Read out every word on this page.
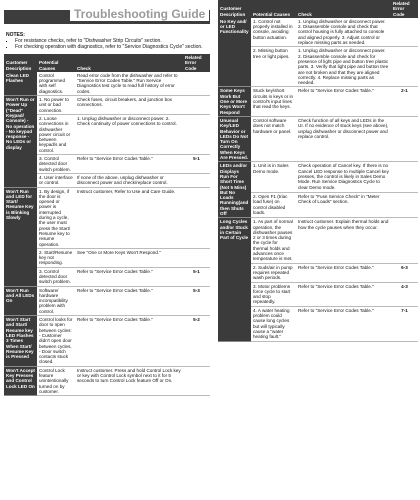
Troubleshooting Guide
NOTES:
▪ For resistance checks, refer to "Dishwasher Strip Circuits" section.
▪ For checking operation with diagnostics, refer to "Service Diagnostics Cycle" section.
Customer Description	Potential Causes	Check	Related Error Code
Clean LED Flashes	Control programmed with self diagnostics.	Read error code from the dishwasher and refer to "Service Error Codes Table." Run Service Diagnostics test cycle to read full history of error codes.	
Won't Run or Power Up ("Dead" Keypad/ Console) - No operation - No keypad response - No LEDs or display	1. No power to unit or bad connection.	Check fuses, circuit breakers, and junction box connections.	
	2. Loose connections in dishwasher power circuit or between keypad/s and control.	1. Unplug dishwasher or disconnect power. 2. Check continuity of power connections to control.	
	3. Control detected door switch problem.	Refer to "Service Error Codes Table."	5-1
	4. User interface or control.	If none of the above, unplug dishwasher or disconnect power and check/replace control.	
Won't Run and LED for Start/ Resume Key is Blinking Slowly	1. By design, if the door is opened or power is interrupted during a cycle, the user must press the Start/ Resume key to resume operation.	Instruct customer, Refer to Use and Care Guide.	
	2. Start/Resume key not responding.	See "One or More Keys Won't Respond."	
	3. Control detected door switch problem.	Refer to "Service Error Codes Table."	5-1
Won't Run and All LEDs On	Software/ hardware incompatibility problem with control.	Refer to "Service Error Codes Table."	5-3
Won't Start and Start/ Resume key LED Flashes 3 Times When Start/ Resume Key is Pressed	Control looks for door to open between cycles: - Customer didn't open door between cycles. - Door switch contacts stuck closed.	Refer to "Service Error Codes Table."	5-2
Won't Accept Key Presses and Control Lock LED On	Control Lock feature unintentionally turned on by customer.	Instruct customer. Press and hold Control Lock key or key with Control Lock symbol next to it for 5 seconds to turn Control Lock feature Off or On.	
Customer Description	Potential Causes	Check	Related Error Code
No Key and/ or LED Functionality	1. Control not properly installed in console, avoiding button actuation.	1. Unplug dishwasher or disconnect power. 2. Disassemble console and check that control housing is fully attached to console and aligned properly. 3. Adjust control or replace missing parts as needed.	
	2. Missing button tree or light pipes.	1. Unplug dishwasher or disconnect power. 2. Disassemble console and check for presence of light pipe and button tree plastic parts. 3. Verify that light pipe and button tree are not broken and that they are aligned correctly. 4. Replace missing parts as needed.	
Some Keys Work But One or More Keys Won't Respond	Stuck key/short circuits in keys or in control's input lines that read the keys.	Refer to "Service Error Codes Table."	2-1
Unusual Key/LED Behavior or LEDs Do Not Turn On Correctly When Keys Are Pressed.	Control software does not match hardware or panel.	Check function of all keys and LEDs in the UI. If no evidence of stuck keys (see above), unplug dishwasher or disconnect power and replace control.	
LEDs and/or Displays Run For Short Time (Not 5 Mins) But No Loads Running(and then Shuts Off	1. Unit is in Sales Demo mode.	Check operation of Cancel key. If there is no Cancel LED response to multiple Cancel key presses, the control is likely in Sales Demo Mode. Run Service Diagnostics Cycle to clear Demo mode.	
	2. Open F1 (triac load fuse) on control disabled loads.	Refer to "Fuse Service Check" in "Meter Check of Loads" section.	
Long Cycles and/or Stuck in Certain Part of Cycle	1. As part of normal operation, the dishwasher pauses 2 or 3 times during the cycle for thermal holds and advances once temperature is met.	Instruct customer. Explain thermal holds and how the cycle pauses when they occur.	
	2. Suds/air in pump requires repeated wash periods.	Refer to "Service Error Codes Table."	6-3
	3. Motor problems force cycle to start and stop repeatedly.	Refer to "Service Error Codes Table."	4-3
	4. A water heating problem could cause long cycles but will typically cause a "water heating fault."	Refer to "Service Error Codes Table."	7-1
